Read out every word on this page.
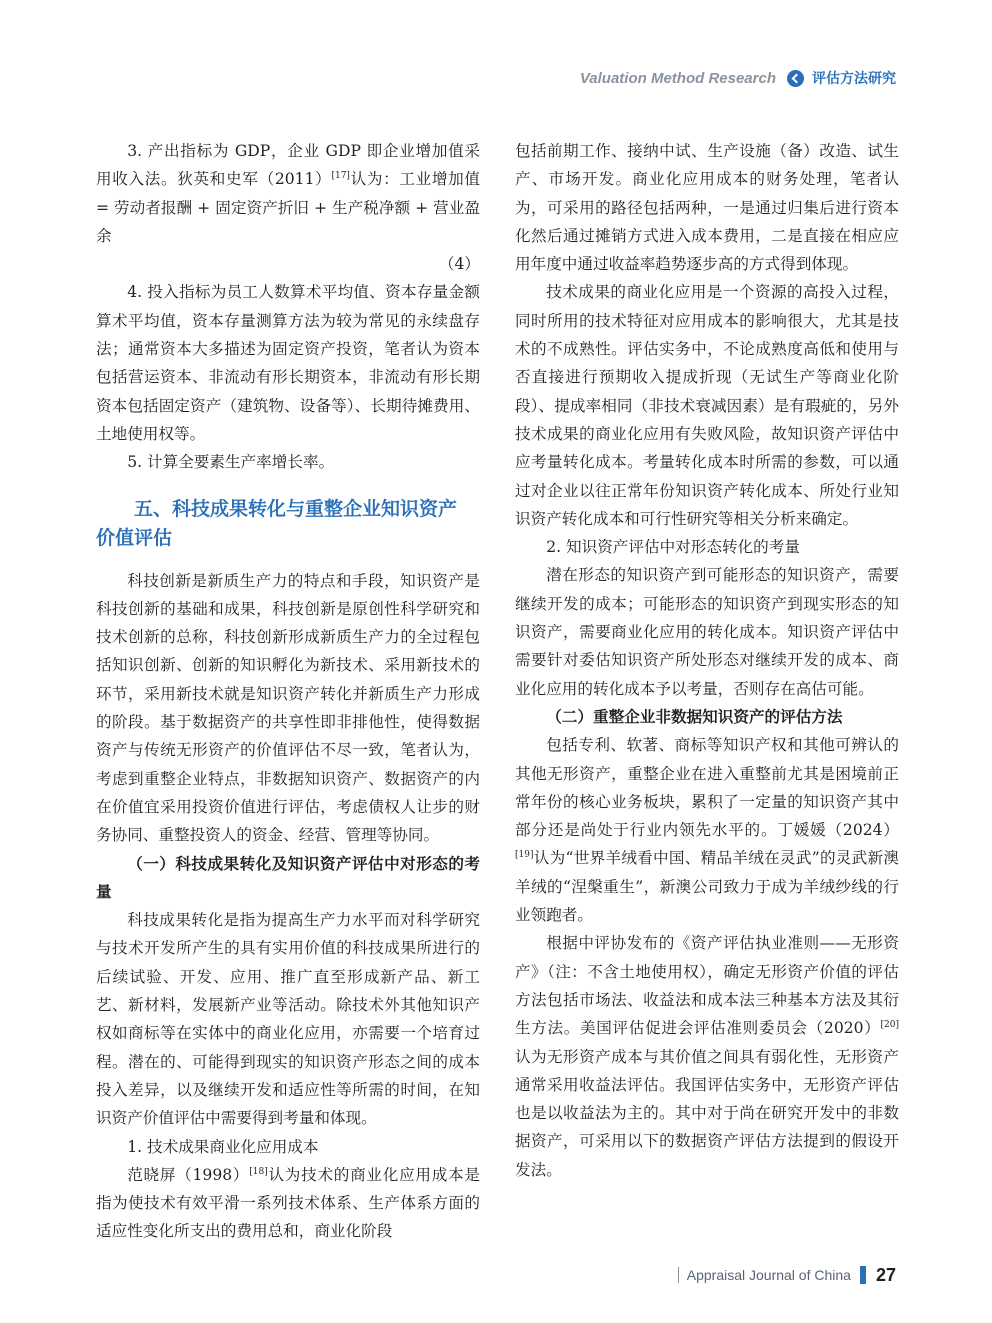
Valuation Method Research	评估方法研究

3. 产出指标为 GDP，企业 GDP 即企业增加值采用收入法。狄英和史军（2011）[17]认为：工业增加值 = 劳动者报酬 + 固定资产折旧 + 生产税净额 + 营业盈余

（4）

4. 投入指标为员工人数算术平均值、资本存量金额算术平均值，资本存量测算方法为较为常见的永续盘存法；通常资本大多描述为固定资产投资，笔者认为资本包括营运资本、非流动有形长期资本，非流动有形长期资本包括固定资产（建筑物、设备等）、长期待摊费用、土地使用权等。

5. 计算全要素生产率增长率。

五、科技成果转化与重整企业知识资产
价值评估

科技创新是新质生产力的特点和手段，知识资产是科技创新的基础和成果，科技创新是原创性科学研究和技术创新的总称，科技创新形成新质生产力的全过程包括知识创新、创新的知识孵化为新技术、采用新技术的环节，采用新技术就是知识资产转化并新质生产力形成的阶段。基于数据资产的共享性即非排他性，使得数据资产与传统无形资产的价值评估不尽一致，笔者认为，考虑到重整企业特点，非数据知识资产、数据资产的内在价值宜采用投资价值进行评估，考虑债权人让步的财务协同、重整投资人的资金、经营、管理等协同。

（一）科技成果转化及知识资产评估中对形态的考量

科技成果转化是指为提高生产力水平而对科学研究与技术开发所产生的具有实用价值的科技成果所进行的后续试验、开发、应用、推广直至形成新产品、新工艺、新材料，发展新产业等活动。除技术外其他知识产权如商标等在实体中的商业化应用，亦需要一个培育过程。潜在的、可能得到现实的知识资产形态之间的成本投入差异，以及继续开发和适应性等所需的时间，在知识资产价值评估中需要得到考量和体现。

1. 技术成果商业化应用成本

范晓屏（1998）[18]认为技术的商业化应用成本是指为使技术有效平滑一系列技术体系、生产体系方面的适应性变化所支出的费用总和，商业化阶段

包括前期工作、接纳中试、生产设施（备）改造、试生产、市场开发。商业化应用成本的财务处理，笔者认为，可采用的路径包括两种，一是通过归集后进行资本化然后通过摊销方式进入成本费用，二是直接在相应应用年度中通过收益率趋势逐步高的方式得到体现。

技术成果的商业化应用是一个资源的高投入过程，同时所用的技术特征对应用成本的影响很大，尤其是技术的不成熟性。评估实务中，不论成熟度高低和使用与否直接进行预期收入提成折现（无试生产等商业化阶段）、提成率相同（非技术衰减因素）是有瑕疵的，另外技术成果的商业化应用有失败风险，故知识资产评估中应考量转化成本。考量转化成本时所需的参数，可以通过对企业以往正常年份知识资产转化成本、所处行业知识资产转化成本和可行性研究等相关分析来确定。

2. 知识资产评估中对形态转化的考量

潜在形态的知识资产到可能形态的知识资产，需要继续开发的成本；可能形态的知识资产到现实形态的知识资产，需要商业化应用的转化成本。知识资产评估中需要针对委估知识资产所处形态对继续开发的成本、商业化应用的转化成本予以考量，否则存在高估可能。

（二）重整企业非数据知识资产的评估方法

包括专利、软著、商标等知识产权和其他可辨认的其他无形资产，重整企业在进入重整前尤其是困境前正常年份的核心业务板块，累积了一定量的知识资产其中部分还是尚处于行业内领先水平的。丁媛媛（2024）[19]认为“世界羊绒看中国、精品羊绒在灵武”的灵武新澳羊绒的“涅槃重生”，新澳公司致力于成为羊绒纱线的行业领跑者。

根据中评协发布的《资产评估执业准则——无形资产》（注：不含土地使用权），确定无形资产价值的评估方法包括市场法、收益法和成本法三种基本方法及其衍生方法。美国评估促进会评估准则委员会（2020）[20]认为无形资产成本与其价值之间具有弱化性，无形资产通常采用收益法评估。我国评估实务中，无形资产评估也是以收益法为主的。其中对于尚在研究开发中的非数据资产，可采用以下的数据资产评估方法提到的假设开发法。

Appraisal Journal of China 27
